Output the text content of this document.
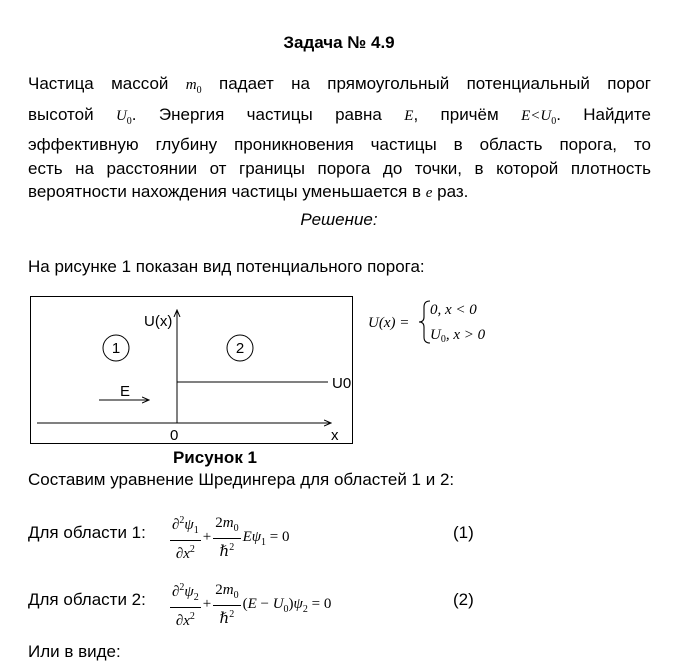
Задача № 4.9
Частица массой $m_0$ падает на прямоугольный потенциальный порог
высотой $U_0$. Энергия частицы равна E, причём $E<U_0$. Найдите
эффективную глубину проникновения частицы в область порога, то
есть на расстоянии от границы порога до точки, в которой плотность
вероятности нахождения частицы уменьшается в e раз.
Решение:
На рисунке 1 показан вид потенциального порога:
U(x)
1	2
E	U0
0	x
U(x) =
0, x < 0
$U_0$, x > 0
Рисунок 1
Составим уравнение Шредингера для областей 1 и 2:
Для области 1: $\frac{\partial^2\psi_1}{\partial x^2} + \frac{2m_0}{\hbar^2} E\psi_1 = 0$	(1)
Для области 2: $\frac{\partial^2\psi_2}{\partial x^2} + \frac{2m_0}{\hbar^2} (E - U_0)\psi_2 = 0$	(2)
Или в виде:
